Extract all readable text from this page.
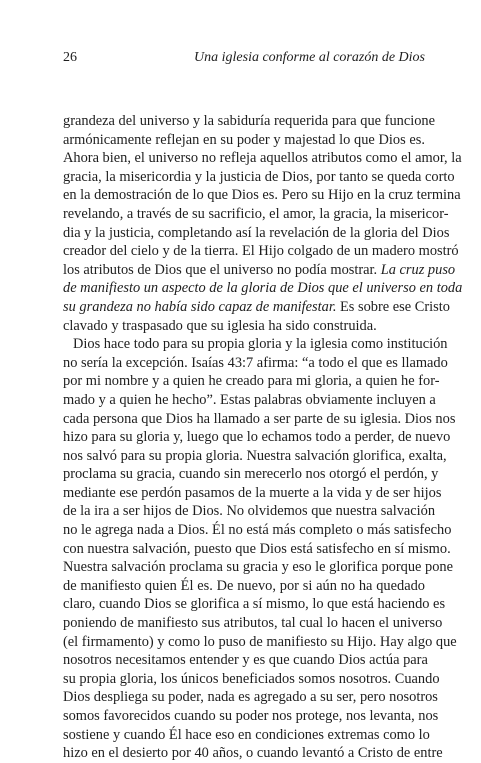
26	Una iglesia conforme al corazón de Dios
grandeza del universo y la sabiduría requerida para que funcione
armónicamente reflejan en su poder y majestad lo que Dios es.
Ahora bien, el universo no refleja aquellos atributos como el amor, la
gracia, la misericordia y la justicia de Dios, por tanto se queda corto
en la demostración de lo que Dios es. Pero su Hijo en la cruz termina
revelando, a través de su sacrificio, el amor, la gracia, la misericor-
dia y la justicia, completando así la revelación de la gloria del Dios
creador del cielo y de la tierra. El Hijo colgado de un madero mostró
los atributos de Dios que el universo no podía mostrar. La cruz puso
de manifiesto un aspecto de la gloria de Dios que el universo en toda
su grandeza no había sido capaz de manifestar. Es sobre ese Cristo
clavado y traspasado que su iglesia ha sido construida.
Dios hace todo para su propia gloria y la iglesia como institución
no sería la excepción. Isaías 43:7 afirma: “a todo el que es llamado
por mi nombre y a quien he creado para mi gloria, a quien he for-
mado y a quien he hecho”. Estas palabras obviamente incluyen a
cada persona que Dios ha llamado a ser parte de su iglesia. Dios nos
hizo para su gloria y, luego que lo echamos todo a perder, de nuevo
nos salvó para su propia gloria. Nuestra salvación glorifica, exalta,
proclama su gracia, cuando sin merecerlo nos otorgó el perdón, y
mediante ese perdón pasamos de la muerte a la vida y de ser hijos
de la ira a ser hijos de Dios. No olvidemos que nuestra salvación
no le agrega nada a Dios. Él no está más completo o más satisfecho
con nuestra salvación, puesto que Dios está satisfecho en sí mismo.
Nuestra salvación proclama su gracia y eso le glorifica porque pone
de manifiesto quien Él es. De nuevo, por si aún no ha quedado
claro, cuando Dios se glorifica a sí mismo, lo que está haciendo es
poniendo de manifiesto sus atributos, tal cual lo hacen el universo
(el firmamento) y como lo puso de manifiesto su Hijo. Hay algo que
nosotros necesitamos entender y es que cuando Dios actúa para
su propia gloria, los únicos beneficiados somos nosotros. Cuando
Dios despliega su poder, nada es agregado a su ser, pero nosotros
somos favorecidos cuando su poder nos protege, nos levanta, nos
sostiene y cuando Él hace eso en condiciones extremas como lo
hizo en el desierto por 40 años, o cuando levantó a Cristo de entre
